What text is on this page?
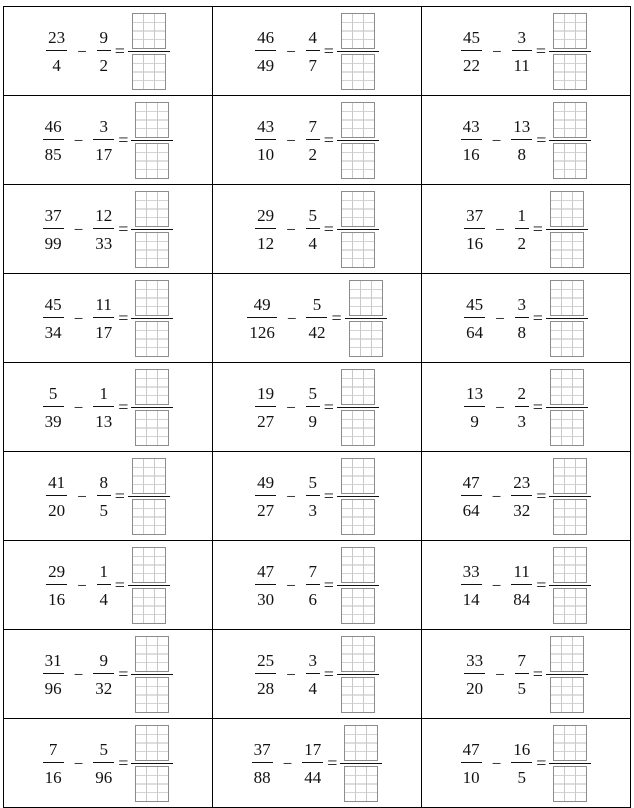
$\frac{23}{4} - \frac{9}{2}$ =	$\frac{46}{49} - \frac{4}{7}$ =	$\frac{45}{22} - \frac{3}{11}$ =

$\frac{46}{85} - \frac{3}{17}$ =	$\frac{43}{10} - \frac{7}{2}$ =	$\frac{43}{16} - \frac{13}{8}$ =

$\frac{37}{99} - \frac{12}{33}$ =	$\frac{29}{12} - \frac{5}{4}$ =	$\frac{37}{16} - \frac{1}{2}$ =

$\frac{45}{34} - \frac{11}{17}$ =	$\frac{49}{126} - \frac{5}{42}$ =	$\frac{45}{64} - \frac{3}{8}$ =

$\frac{5}{39} - \frac{1}{13}$ =	$\frac{19}{27} - \frac{5}{9}$ =	$\frac{13}{9} - \frac{2}{3}$ =

$\frac{41}{20} - \frac{8}{5}$ =	$\frac{49}{27} - \frac{5}{3}$ =	$\frac{47}{64} - \frac{23}{32}$ =

$\frac{29}{16} - \frac{1}{4}$ =	$\frac{47}{30} - \frac{7}{6}$ =	$\frac{33}{14} - \frac{11}{84}$ =

$\frac{31}{96} - \frac{9}{32}$ =	$\frac{25}{28} - \frac{3}{4}$ =	$\frac{33}{20} - \frac{7}{5}$ =

$\frac{7}{16} - \frac{5}{96}$ =	$\frac{37}{88} - \frac{17}{44}$ =	$\frac{47}{10} - \frac{16}{5}$ =
